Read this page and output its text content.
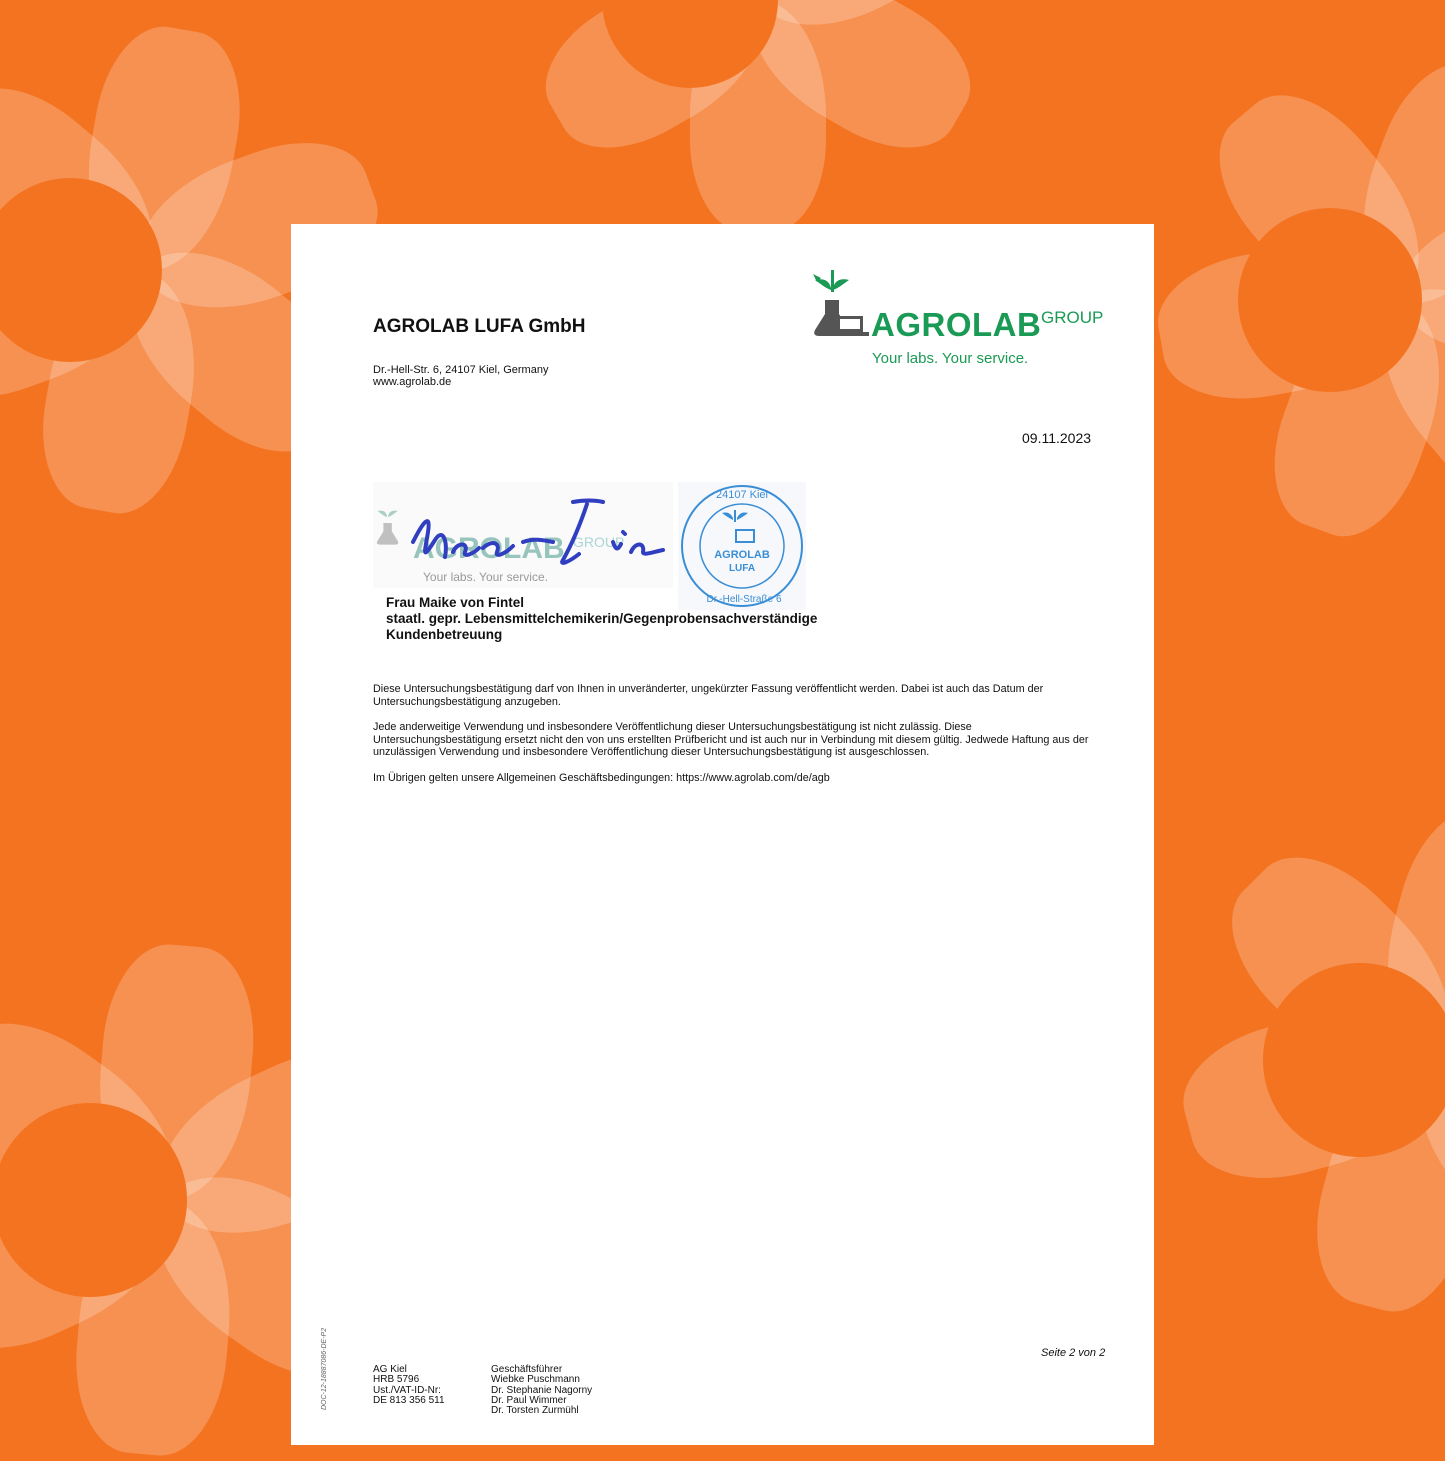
AGROLAB LUFA GmbH
Dr.-Hell-Str. 6, 24107 Kiel, Germany
www.agrolab.de
AGROLAB GROUP
Your labs. Your service.
09.11.2023
AGROLAB GROUP
Your labs. Your service.
24107 Kiel
AGROLAB
LUFA
Dr.-Hell-Straße 6
Frau Maike von Fintel
staatl. gepr. Lebensmittelchemikerin/Gegenprobensachverständige
Kundenbetreuung

Diese Untersuchungsbestätigung darf von Ihnen in unveränderter, ungekürzter Fassung veröffentlicht werden. Dabei ist auch das Datum der Untersuchungsbestätigung anzugeben.

Jede anderweitige Verwendung und insbesondere Veröffentlichung dieser Untersuchungsbestätigung ist nicht zulässig. Diese Untersuchungsbestätigung ersetzt nicht den von uns erstellten Prüfbericht und ist auch nur in Verbindung mit diesem gültig. Jedwede Haftung aus der unzulässigen Verwendung und insbesondere Veröffentlichung dieser Untersuchungsbestätigung ist ausgeschlossen.

Im Übrigen gelten unsere Allgemeinen Geschäftsbedingungen: https://www.agrolab.com/de/agb

DOC-12-18887086-DE-P2	Seite 2 von 2
AG Kiel
HRB 5796
Ust./VAT-ID-Nr:
DE 813 356 511
Geschäftsführer
Wiebke Puschmann
Dr. Stephanie Nagorny
Dr. Paul Wimmer
Dr. Torsten Zurmühl
